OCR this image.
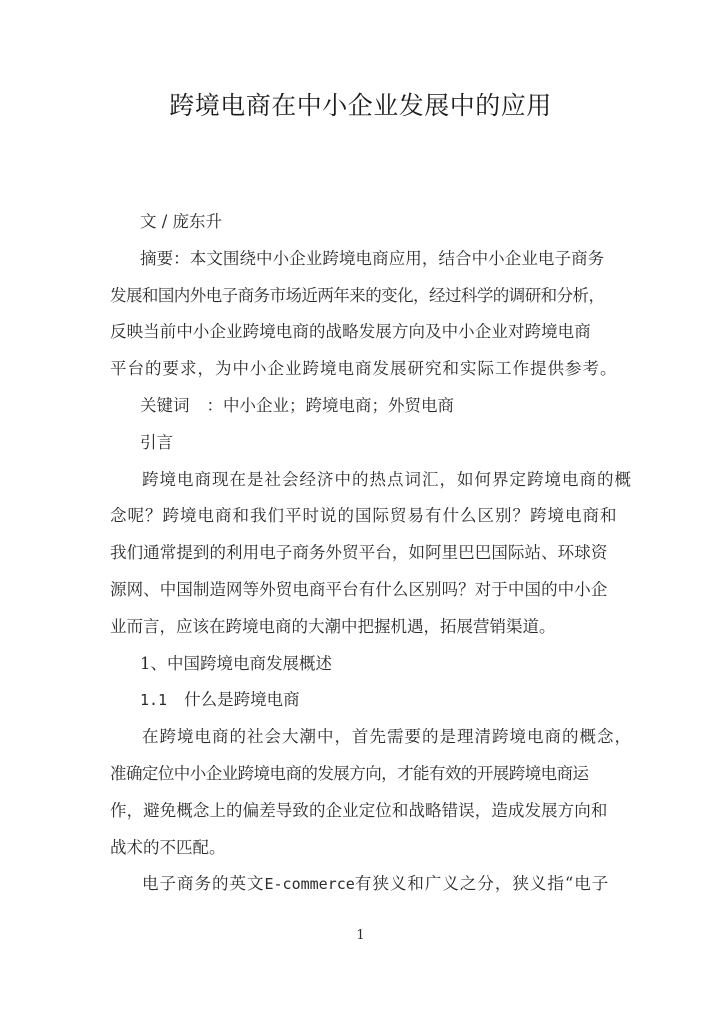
跨境电商在中小企业发展中的应用
文 / 庞东升
摘要：本文围绕中小企业跨境电商应用，结合中小企业电子商务
发展和国内外电子商务市场近两年来的变化，经过科学的调研和分析，
反映当前中小企业跨境电商的战略发展方向及中小企业对跨境电商
平台的要求，为中小企业跨境电商发展研究和实际工作提供参考。
关键词 ：中小企业；跨境电商；外贸电商
引言
跨境电商现在是社会经济中的热点词汇，如何界定跨境电商的概
念呢？跨境电商和我们平时说的国际贸易有什么区别？跨境电商和
我们通常提到的利用电子商务外贸平台，如阿里巴巴国际站、环球资
源网、中国制造网等外贸电商平台有什么区别吗？对于中国的中小企
业而言，应该在跨境电商的大潮中把握机遇，拓展营销渠道。
1、中国跨境电商发展概述
1.1 什么是跨境电商
在跨境电商的社会大潮中，首先需要的是理清跨境电商的概念，
准确定位中小企业跨境电商的发展方向，才能有效的开展跨境电商运
作，避免概念上的偏差导致的企业定位和战略错误，造成发展方向和
战术的不匹配。
电子商务的英文E-commerce有狭义和广义之分，狭义指“电子
1
